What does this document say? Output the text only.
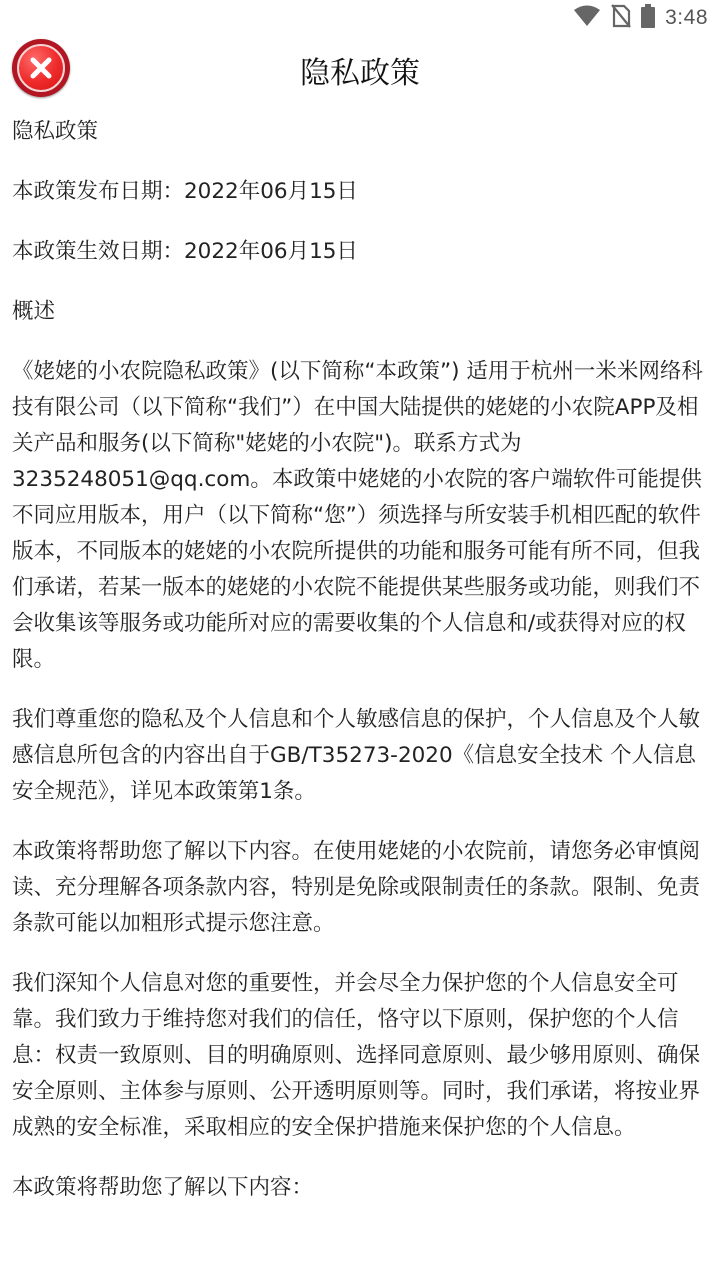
3:48
隐私政策

隐私政策

本政策发布日期：2022年06月15日

本政策生效日期：2022年06月15日

概述

《姥姥的小农院隐私政策》(以下简称“本政策”) 适用于杭州一米米网络科技有限公司（以下简称“我们”）在中国大陆提供的姥姥的小农院APP及相关产品和服务(以下简称"姥姥的小农院")。联系方式为3235248051@qq.com。本政策中姥姥的小农院的客户端软件可能提供不同应用版本，用户（以下简称“您”）须选择与所安装手机相匹配的软件版本，不同版本的姥姥的小农院所提供的功能和服务可能有所不同，但我们承诺，若某一版本的姥姥的小农院不能提供某些服务或功能，则我们不会收集该等服务或功能所对应的需要收集的个人信息和/或获得对应的权限。

我们尊重您的隐私及个人信息和个人敏感信息的保护，个人信息及个人敏感信息所包含的内容出自于GB/T35273-2020《信息安全技术 个人信息安全规范》，详见本政策第1条。

本政策将帮助您了解以下内容。在使用姥姥的小农院前，请您务必审慎阅读、充分理解各项条款内容，特别是免除或限制责任的条款。限制、免责条款可能以加粗形式提示您注意。

我们深知个人信息对您的重要性，并会尽全力保护您的个人信息安全可靠。我们致力于维持您对我们的信任，恪守以下原则，保护您的个人信息：权责一致原则、目的明确原则、选择同意原则、最少够用原则、确保安全原则、主体参与原则、公开透明原则等。同时，我们承诺，将按业界成熟的安全标准，采取相应的安全保护措施来保护您的个人信息。

本政策将帮助您了解以下内容：
